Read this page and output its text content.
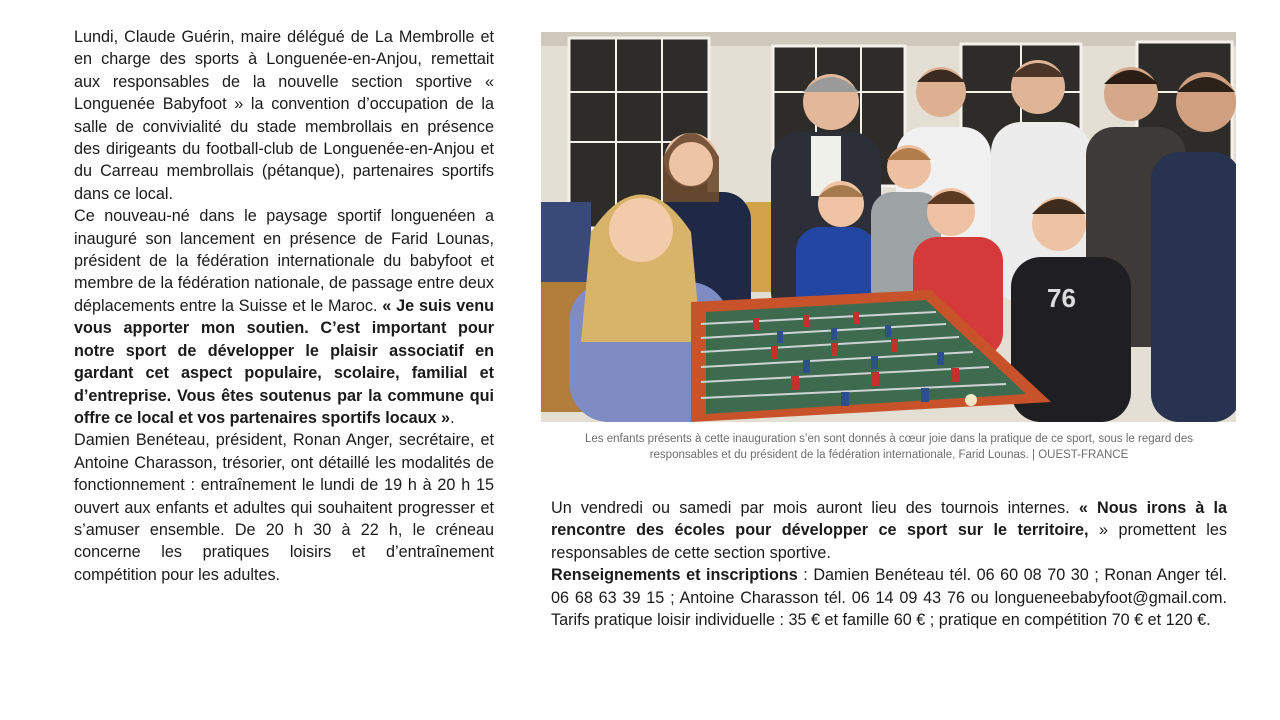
Lundi, Claude Guérin, maire délégué de La Membrolle et en charge des sports à Longuenée-en-Anjou, remettait aux responsables de la nouvelle section sportive « Longuenée Babyfoot » la convention d’occupation de la salle de convivialité du stade membrollais en présence des dirigeants du football-club de Longuenée-en-Anjou et du Carreau membrollais (pétanque), partenaires sportifs dans ce local.

Ce nouveau-né dans le paysage sportif longuenéen a inauguré son lancement en présence de Farid Lounas, président de la fédération internationale du babyfoot et membre de la fédération nationale, de passage entre deux déplacements entre la Suisse et le Maroc. « Je suis venu vous apporter mon soutien. C’est important pour notre sport de développer le plaisir associatif en gardant cet aspect populaire, scolaire, familial et d’entreprise. Vous êtes soutenus par la commune qui offre ce local et vos partenaires sportifs locaux ».

Damien Benéteau, président, Ronan Anger, secrétaire, et Antoine Charasson, trésorier, ont détaillé les modalités de fonctionnement : entraînement le lundi de 19 h à 20 h 15 ouvert aux enfants et adultes qui souhaitent progresser et s’amuser ensemble. De 20 h 30 à 22 h, le créneau concerne les pratiques loisirs et d’entraînement compétition pour les adultes.

76
Les enfants présents à cette inauguration s’en sont donnés à cœur joie dans la pratique de ce sport, sous le regard des responsables et du président de la fédération internationale, Farid Lounas. | OUEST-FRANCE

Un vendredi ou samedi par mois auront lieu des tournois internes. « Nous irons à la rencontre des écoles pour développer ce sport sur le territoire, » promettent les responsables de cette section sportive.

Renseignements et inscriptions : Damien Benéteau tél. 06 60 08 70 30 ; Ronan Anger tél. 06 68 63 39 15 ; Antoine Charasson tél. 06 14 09 43 76 ou longueneebabyfoot@gmail.com. Tarifs pratique loisir individuelle : 35 € et famille 60 € ; pratique en compétition 70 € et 120 €.
